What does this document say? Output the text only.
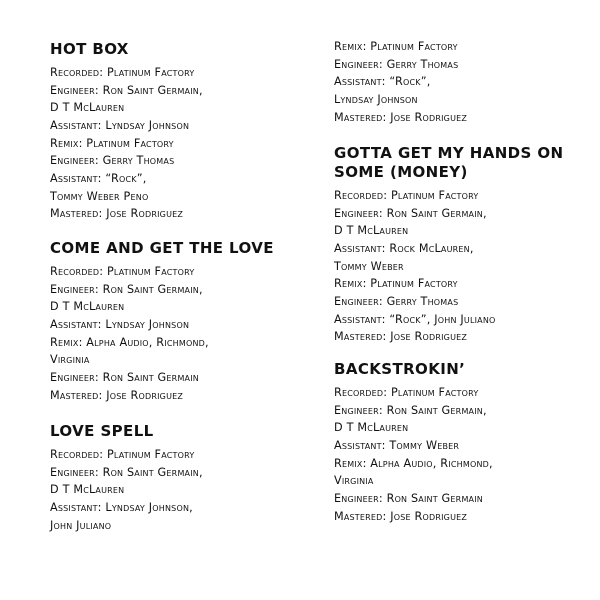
HOT BOX
Recorded: Platinum Factory
Engineer: Ron Saint Germain,
D T McLauren
Assistant: Lyndsay Johnson
Remix: Platinum Factory
Engineer: Gerry Thomas
Assistant: “Rock”,
Tommy Weber Peno
Mastered: Jose Rodriguez
COME AND GET THE LOVE
Recorded: Platinum Factory
Engineer: Ron Saint Germain,
D T McLauren
Assistant: Lyndsay Johnson
Remix: Alpha Audio, Richmond,
Virginia
Engineer: Ron Saint Germain
Mastered: Jose Rodriguez
LOVE SPELL
Recorded: Platinum Factory
Engineer: Ron Saint Germain,
D T McLauren
Assistant: Lyndsay Johnson,
John Juliano
Remix: Platinum Factory
Engineer: Gerry Thomas
Assistant: “Rock”,
Lyndsay Johnson
Mastered: Jose Rodriguez
GOTTA GET MY HANDS ON SOME (MONEY)
Recorded: Platinum Factory
Engineer: Ron Saint Germain,
D T McLauren
Assistant: Rock McLauren,
Tommy Weber
Remix: Platinum Factory
Engineer: Gerry Thomas
Assistant: “Rock”, John Juliano
Mastered: Jose Rodriguez
BACKSTROKIN’
Recorded: Platinum Factory
Engineer: Ron Saint Germain,
D T McLauren
Assistant: Tommy Weber
Remix: Alpha Audio, Richmond,
Virginia
Engineer: Ron Saint Germain
Mastered: Jose Rodriguez
